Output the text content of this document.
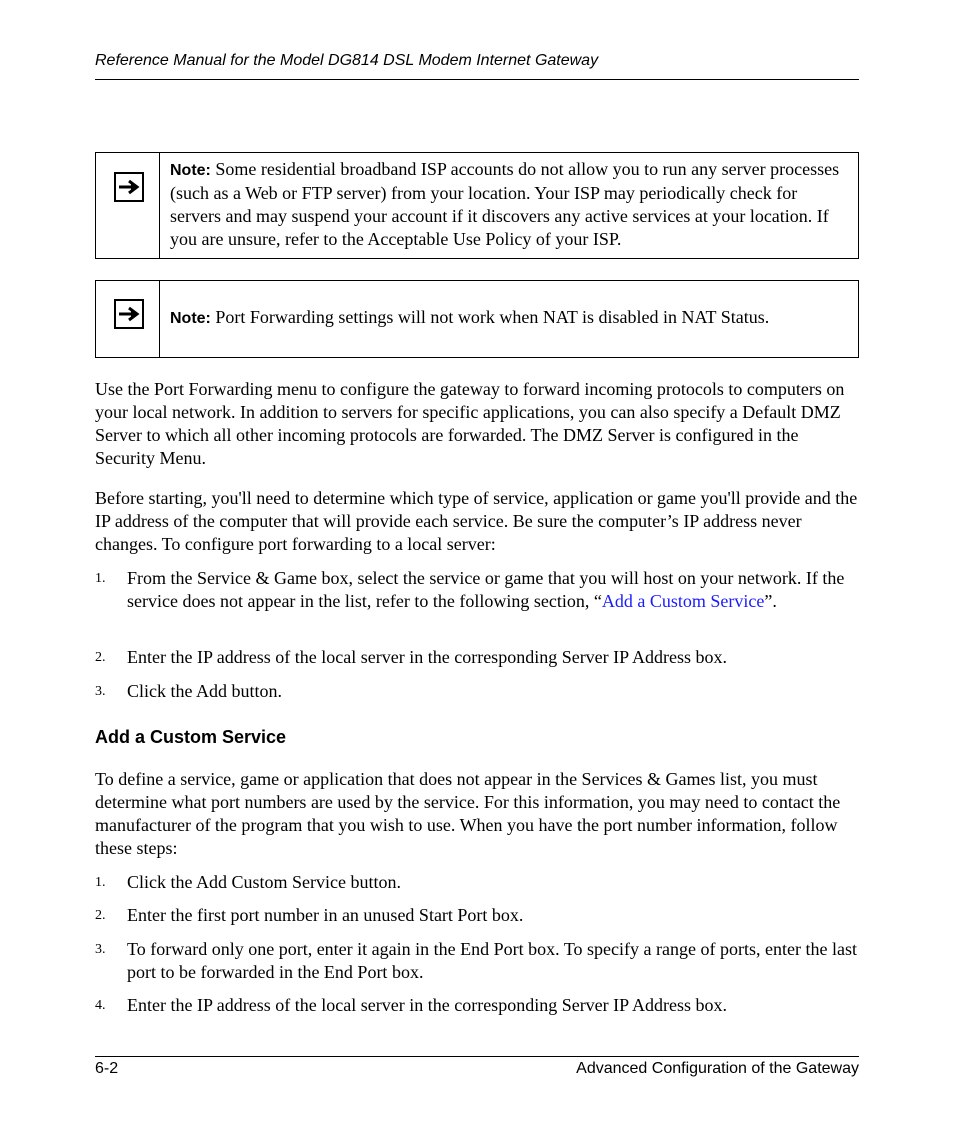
Reference Manual for the Model DG814 DSL Modem Internet Gateway
Note: Some residential broadband ISP accounts do not allow you to run any server processes (such as a Web or FTP server) from your location. Your ISP may periodically check for servers and may suspend your account if it discovers any active services at your location. If you are unsure, refer to the Acceptable Use Policy of your ISP.
Note: Port Forwarding settings will not work when NAT is disabled in NAT Status.

Use the Port Forwarding menu to configure the gateway to forward incoming protocols to computers on your local network. In addition to servers for specific applications, you can also specify a Default DMZ Server to which all other incoming protocols are forwarded. The DMZ Server is configured in the Security Menu.

Before starting, you'll need to determine which type of service, application or game you'll provide and the IP address of the computer that will provide each service. Be sure the computer’s IP address never changes. To configure port forwarding to a local server:

1.	From the Service & Game box, select the service or game that you will host on your network. If the service does not appear in the list, refer to the following section, “Add a Custom Service”.
2.	Enter the IP address of the local server in the corresponding Server IP Address box.
3.	Click the Add button.
Add a Custom Service

To define a service, game or application that does not appear in the Services & Games list, you must determine what port numbers are used by the service. For this information, you may need to contact the manufacturer of the program that you wish to use. When you have the port number information, follow these steps:

1.	Click the Add Custom Service button.
2.	Enter the first port number in an unused Start Port box.
3.	To forward only one port, enter it again in the End Port box. To specify a range of ports, enter the last port to be forwarded in the End Port box.
4.	Enter the IP address of the local server in the corresponding Server IP Address box.
6-2	Advanced Configuration of the Gateway
